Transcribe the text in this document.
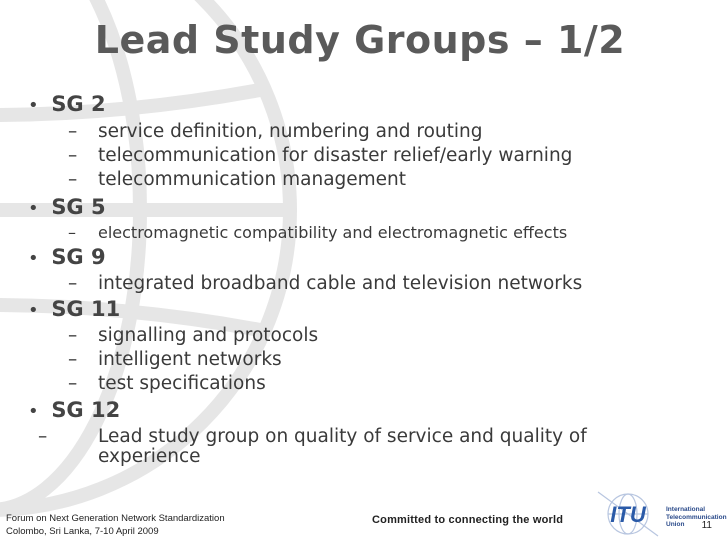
Lead Study Groups – 1/2
• SG 2
– service definition, numbering and routing
– telecommunication for disaster relief/early warning
– telecommunication management
• SG 5
– electromagnetic compatibility and electromagnetic effects
• SG 9
– integrated broadband cable and television networks
• SG 11
– signalling and protocols
– intelligent networks
– test specifications
• SG 12
–	Lead study group on quality of service and quality of experience
Forum on Next Generation Network Standardization
Colombo, Sri Lanka, 7-10 April 2009
Committed to connecting the world ITU	International
Telecommunication
Union	11
